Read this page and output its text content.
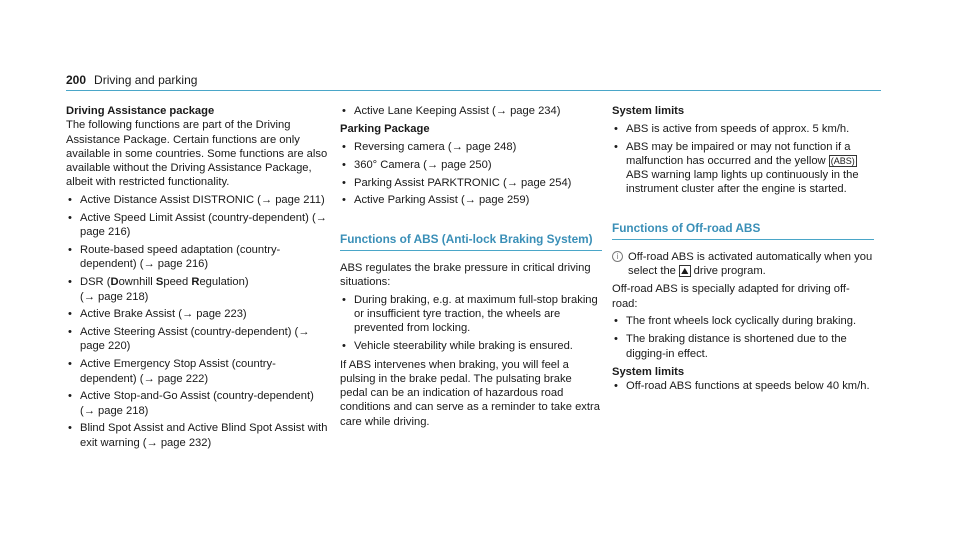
200 Driving and parking

Driving Assistance package

The following functions are part of the Driving Assistance Package. Certain functions are only available in some countries. Some functions are also available without the Driving Assistance Package, albeit with restricted functionality.

• Active Distance Assist DISTRONIC (→ page 211)
• Active Speed Limit Assist (country-dependent) (→ page 216)
• Route-based speed adaptation (country-dependent) (→ page 216)
• DSR (Downhill Speed Regulation)
(→ page 218)
• Active Brake Assist (→ page 223)
• Active Steering Assist (country-dependent) (→ page 220)
• Active Emergency Stop Assist (country-dependent) (→ page 222)
• Active Stop-and-Go Assist (country-dependent) (→ page 218)
• Blind Spot Assist and Active Blind Spot Assist with exit warning (→ page 232)
• Active Lane Keeping Assist (→ page 234)

Parking Package

• Reversing camera (→ page 248)
• 360° Camera (→ page 250)
• Parking Assist PARKTRONIC (→ page 254)
• Active Parking Assist (→ page 259)
Functions of ABS (Anti-lock Braking System)

ABS regulates the brake pressure in critical driving situations:

• During braking, e.g. at maximum full-stop braking or insufficient tyre traction, the wheels are prevented from locking.
• Vehicle steerability while braking is ensured.

If ABS intervenes when braking, you will feel a pulsing in the brake pedal. The pulsating brake pedal can be an indication of hazardous road conditions and can serve as a reminder to take extra care while driving.

System limits

• ABS is active from speeds of approx. 5 km/h.
• ABS may be impaired or may not function if a malfunction has occurred and the yellow (ABS) ABS warning lamp lights up continuously in the instrument cluster after the engine is started.
Functions of Off-road ABS
i Off-road ABS is activated automatically when you select the ⛰ drive program.

Off-road ABS is specially adapted for driving off-road:

• The front wheels lock cyclically during braking.
• The braking distance is shortened due to the digging-in effect.

System limits

• Off-road ABS functions at speeds below 40 km/h.
